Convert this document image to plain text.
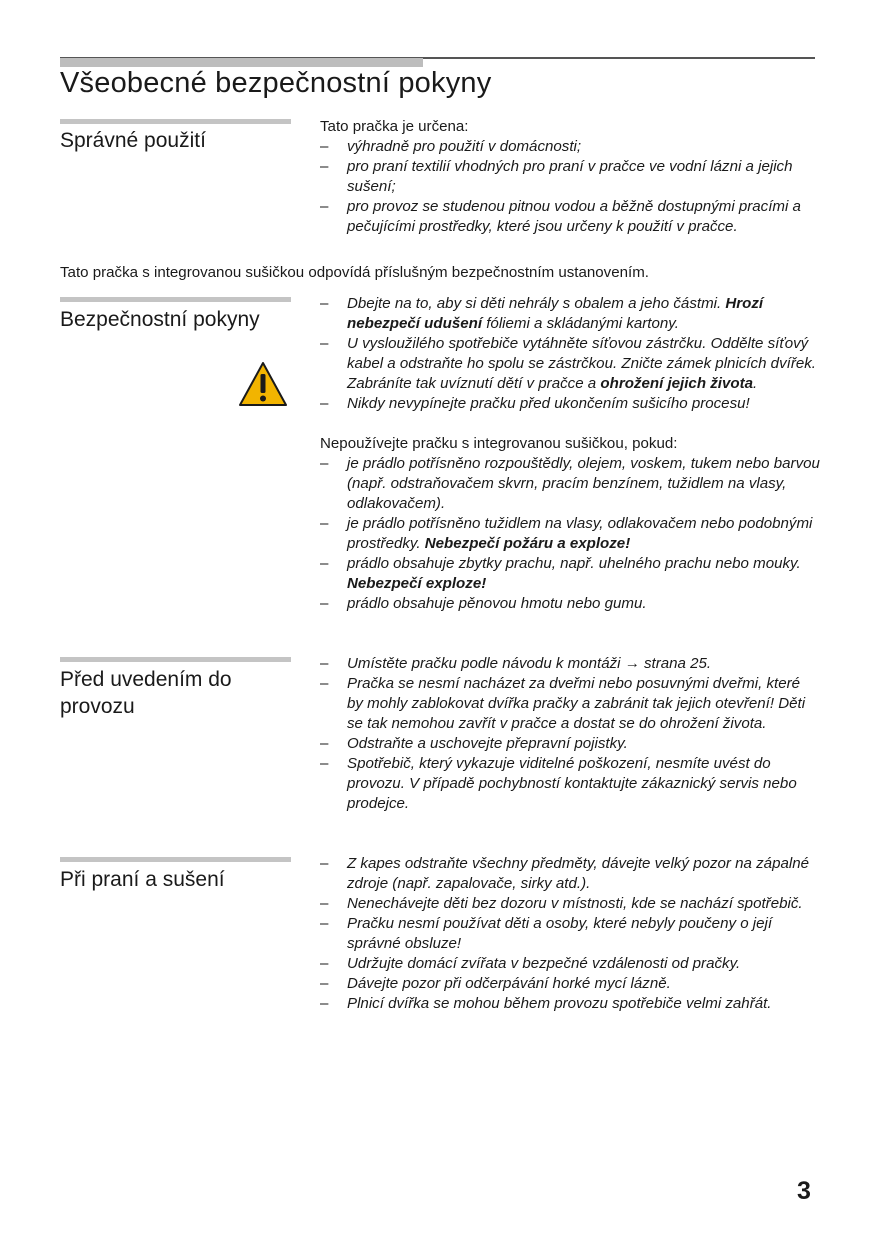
Všeobecné bezpečnostní pokyny
Správné použití
Tato pračka je určena:
– výhradně pro použití v domácnosti;
– pro praní textilií vhodných pro praní v pračce ve vodní lázni a jejich sušení;
– pro provoz se studenou pitnou vodou a běžně dostupnými pracími a pečujícími prostředky, které jsou určeny k použití v pračce.
Tato pračka s integrovanou sušičkou odpovídá příslušným bezpečnostním ustanovením.
Bezpečnostní pokyny
– Dbejte na to, aby si děti nehrály s obalem a jeho částmi. Hrozí nebezpečí udušení fóliemi a skládanými kartony.
– U vysloužilého spotřebiče vytáhněte síťovou zástrčku. Oddělte síťový kabel a odstraňte ho spolu se zástrčkou. Zničte zámek plnicích dvířek. Zabráníte tak uvíznutí dětí v pračce a ohrožení jejich života.
– Nikdy nevypínejte pračku před ukončením sušicího procesu!
Nepoužívejte pračku s integrovanou sušičkou, pokud:
– je prádlo potřísněno rozpouštědly, olejem, voskem, tukem nebo barvou (např. odstraňovačem skvrn, pracím benzínem, tužidlem na vlasy, odlakovačem).
– je prádlo potřísněno tužidlem na vlasy, odlakovačem nebo podobnými prostředky. Nebezpečí požáru a exploze!
– prádlo obsahuje zbytky prachu, např. uhelného prachu nebo mouky. Nebezpečí exploze!
– prádlo obsahuje pěnovou hmotu nebo gumu.
Před uvedením do
provozu
– Umístěte pračku podle návodu k montáži → strana 25.
– Pračka se nesmí nacházet za dveřmi nebo posuvnými dveřmi, které by mohly zablokovat dvířka pračky a zabránit tak jejich otevření! Děti se tak nemohou zavřít v pračce a dostat se do ohrožení života.
– Odstraňte a uschovejte přepravní pojistky.
– Spotřebič, který vykazuje viditelné poškození, nesmíte uvést do provozu. V případě pochybností kontaktujte zákaznický servis nebo prodejce.
Při praní a sušení
– Z kapes odstraňte všechny předměty, dávejte velký pozor na zápalné zdroje (např. zapalovače, sirky atd.).
– Nenechávejte děti bez dozoru v místnosti, kde se nachází spotřebič.
– Pračku nesmí používat děti a osoby, které nebyly poučeny o její správné obsluze!
– Udržujte domácí zvířata v bezpečné vzdálenosti od pračky.
– Dávejte pozor při odčerpávání horké mycí lázně.
– Plnicí dvířka se mohou během provozu spotřebiče velmi zahřát.
3
